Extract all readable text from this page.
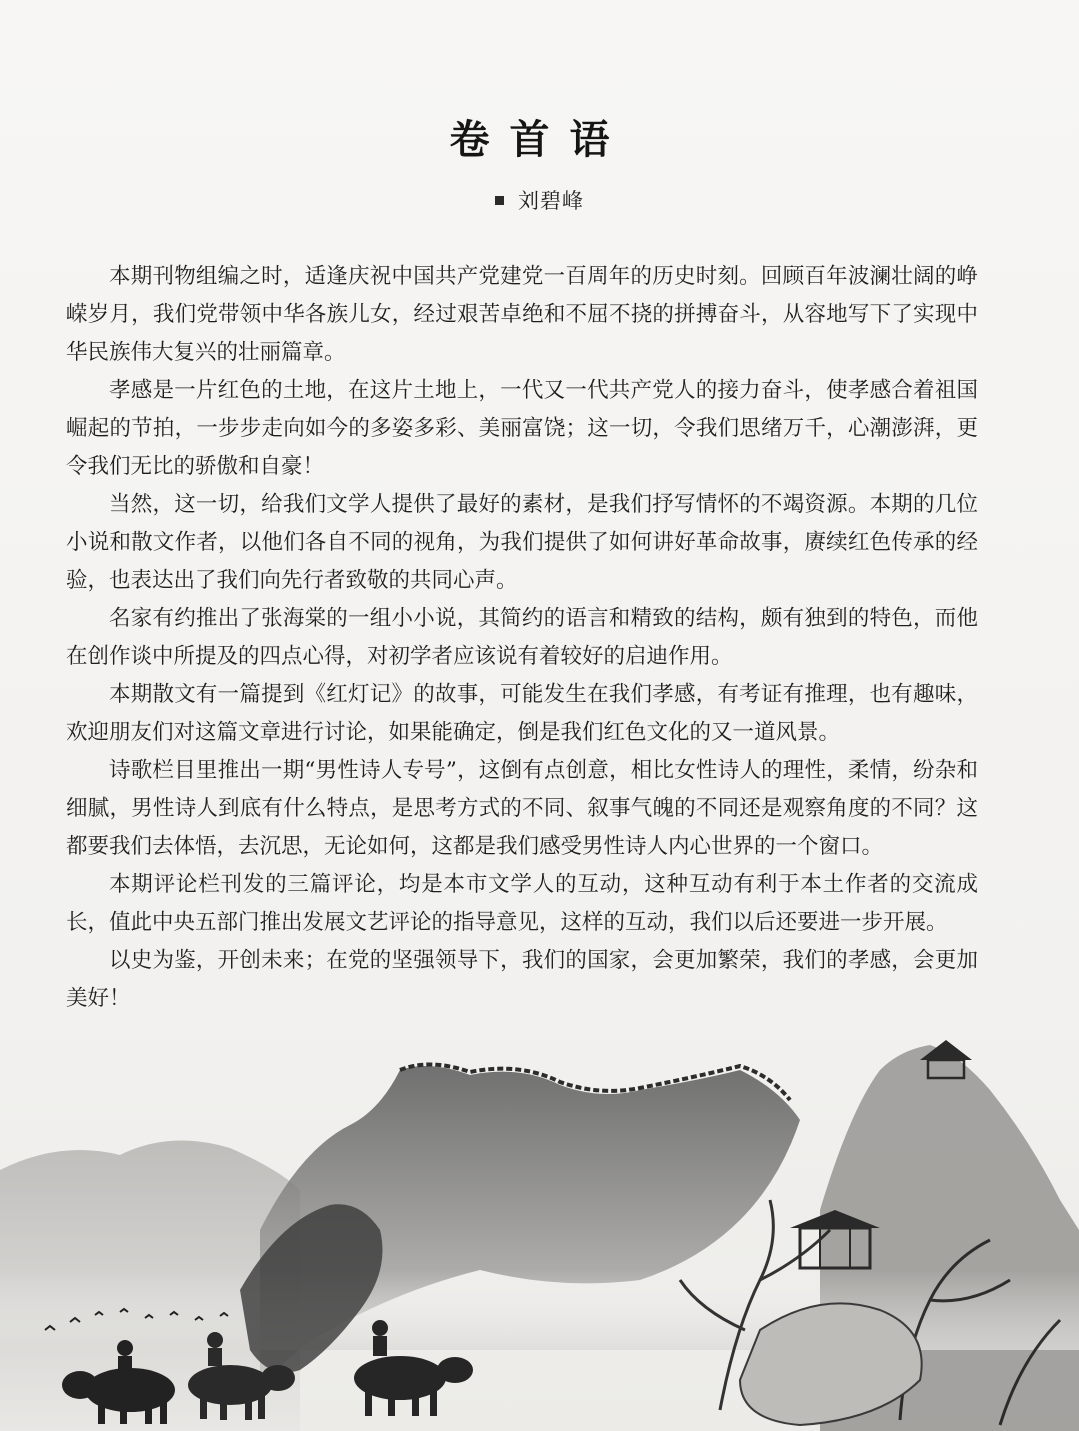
卷首语
刘碧峰

本期刊物组编之时，适逢庆祝中国共产党建党一百周年的历史时刻。回顾百年波澜壮阔的峥嵘岁月，我们党带领中华各族儿女，经过艰苦卓绝和不屈不挠的拼搏奋斗，从容地写下了实现中华民族伟大复兴的壮丽篇章。

孝感是一片红色的土地，在这片土地上，一代又一代共产党人的接力奋斗，使孝感合着祖国崛起的节拍，一步步走向如今的多姿多彩、美丽富饶；这一切，令我们思绪万千，心潮澎湃，更令我们无比的骄傲和自豪！

当然，这一切，给我们文学人提供了最好的素材，是我们抒写情怀的不竭资源。本期的几位小说和散文作者，以他们各自不同的视角，为我们提供了如何讲好革命故事，赓续红色传承的经验，也表达出了我们向先行者致敬的共同心声。

名家有约推出了张海棠的一组小小说，其简约的语言和精致的结构，颇有独到的特色，而他在创作谈中所提及的四点心得，对初学者应该说有着较好的启迪作用。

本期散文有一篇提到《红灯记》的故事，可能发生在我们孝感，有考证有推理，也有趣味，欢迎朋友们对这篇文章进行讨论，如果能确定，倒是我们红色文化的又一道风景。

诗歌栏目里推出一期“男性诗人专号”，这倒有点创意，相比女性诗人的理性，柔情，纷杂和细腻，男性诗人到底有什么特点，是思考方式的不同、叙事气魄的不同还是观察角度的不同？这都要我们去体悟，去沉思，无论如何，这都是我们感受男性诗人内心世界的一个窗口。

本期评论栏刊发的三篇评论，均是本市文学人的互动，这种互动有利于本土作者的交流成长，值此中央五部门推出发展文艺评论的指导意见，这样的互动，我们以后还要进一步开展。

以史为鉴，开创未来；在党的坚强领导下，我们的国家，会更加繁荣，我们的孝感，会更加美好！
